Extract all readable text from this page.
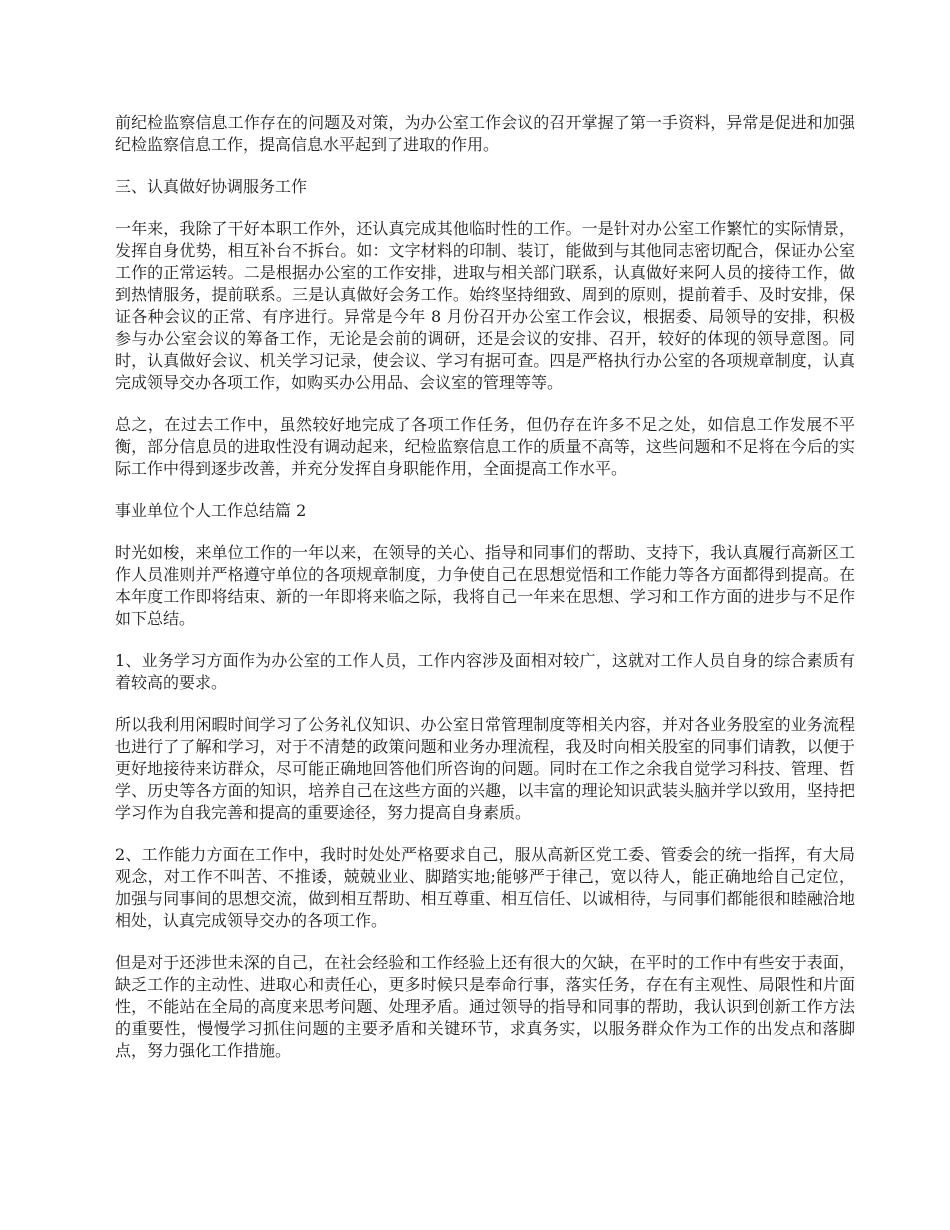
前纪检监察信息工作存在的问题及对策，为办公室工作会议的召开掌握了第一手资料，异常是促进和加强纪检监察信息工作，提高信息水平起到了进取的作用。

三、认真做好协调服务工作

一年来，我除了干好本职工作外，还认真完成其他临时性的工作。一是针对办公室工作繁忙的实际情景，发挥自身优势，相互补台不拆台。如：文字材料的印制、装订，能做到与其他同志密切配合，保证办公室工作的正常运转。二是根据办公室的工作安排，进取与相关部门联系，认真做好来阿人员的接待工作，做到热情服务，提前联系。三是认真做好会务工作。始终坚持细致、周到的原则，提前着手、及时安排，保证各种会议的正常、有序进行。异常是今年 8 月份召开办公室工作会议，根据委、局领导的安排，积极参与办公室会议的筹备工作，无论是会前的调研，还是会议的安排、召开，较好的体现的领导意图。同时，认真做好会议、机关学习记录，使会议、学习有据可查。四是严格执行办公室的各项规章制度，认真完成领导交办各项工作，如购买办公用品、会议室的管理等等。

总之，在过去工作中，虽然较好地完成了各项工作任务，但仍存在许多不足之处，如信息工作发展不平衡，部分信息员的进取性没有调动起来，纪检监察信息工作的质量不高等，这些问题和不足将在今后的实际工作中得到逐步改善，并充分发挥自身职能作用，全面提高工作水平。

事业单位个人工作总结篇 2

时光如梭，来单位工作的一年以来，在领导的关心、指导和同事们的帮助、支持下，我认真履行高新区工作人员准则并严格遵守单位的各项规章制度，力争使自己在思想觉悟和工作能力等各方面都得到提高。在本年度工作即将结束、新的一年即将来临之际，我将自己一年来在思想、学习和工作方面的进步与不足作如下总结。

1、业务学习方面作为办公室的工作人员，工作内容涉及面相对较广，这就对工作人员自身的综合素质有着较高的要求。

所以我利用闲暇时间学习了公务礼仪知识、办公室日常管理制度等相关内容，并对各业务股室的业务流程也进行了了解和学习，对于不清楚的政策问题和业务办理流程，我及时向相关股室的同事们请教，以便于更好地接待来访群众，尽可能正确地回答他们所咨询的问题。同时在工作之余我自觉学习科技、管理、哲学、历史等各方面的知识，培养自己在这些方面的兴趣，以丰富的理论知识武装头脑并学以致用，坚持把学习作为自我完善和提高的重要途径，努力提高自身素质。

2、工作能力方面在工作中，我时时处处严格要求自己，服从高新区党工委、管委会的统一指挥，有大局观念，对工作不叫苦、不推诿，兢兢业业、脚踏实地;能够严于律己，宽以待人，能正确地给自己定位，加强与同事间的思想交流，做到相互帮助、相互尊重、相互信任、以诚相待，与同事们都能很和睦融洽地相处，认真完成领导交办的各项工作。

但是对于还涉世未深的自己，在社会经验和工作经验上还有很大的欠缺，在平时的工作中有些安于表面，缺乏工作的主动性、进取心和责任心，更多时候只是奉命行事，落实任务，存在有主观性、局限性和片面性，不能站在全局的高度来思考问题、处理矛盾。通过领导的指导和同事的帮助，我认识到创新工作方法的重要性，慢慢学习抓住问题的主要矛盾和关键环节，求真务实，以服务群众作为工作的出发点和落脚点，努力强化工作措施。
